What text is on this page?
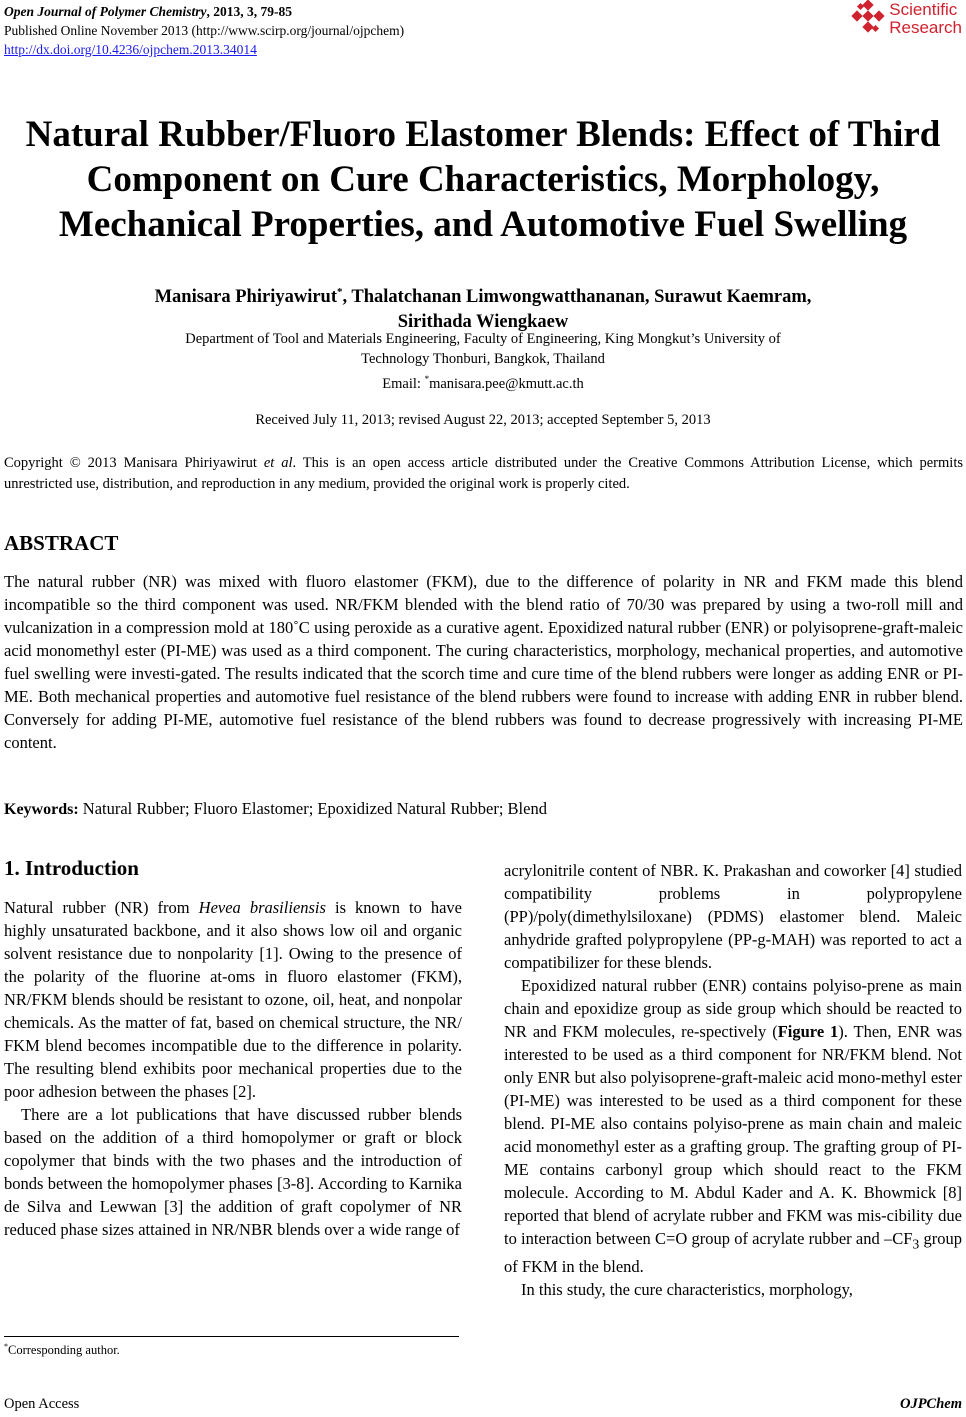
Open Journal of Polymer Chemistry, 2013, 3, 79-85
Published Online November 2013 (http://www.scirp.org/journal/ojpchem)
http://dx.doi.org/10.4236/ojpchem.2013.34014
Scientific
Research
Natural Rubber/Fluoro Elastomer Blends: Effect of Third
Component on Cure Characteristics, Morphology,
Mechanical Properties, and Automotive Fuel Swelling
Manisara Phiriyawirut*, Thalatchanan Limwongwatthananan, Surawut Kaemram,
Sirithada Wiengkaew
Department of Tool and Materials Engineering, Faculty of Engineering, King Mongkut’s University of
Technology Thonburi, Bangkok, Thailand
Email: *manisara.pee@kmutt.ac.th
Received July 11, 2013; revised August 22, 2013; accepted September 5, 2013
Copyright © 2013 Manisara Phiriyawirut et al. This is an open access article distributed under the Creative Commons Attribution License, which permits unrestricted use, distribution, and reproduction in any medium, provided the original work is properly cited.
ABSTRACT
The natural rubber (NR) was mixed with fluoro elastomer (FKM), due to the difference of polarity in NR and FKM made this blend incompatible so the third component was used. NR/FKM blended with the blend ratio of 70/30 was prepared by using a two-roll mill and vulcanization in a compression mold at 180˚C using peroxide as a curative agent. Epoxidized natural rubber (ENR) or polyisoprene-graft-maleic acid monomethyl ester (PI-ME) was used as a third component. The curing characteristics, morphology, mechanical properties, and automotive fuel swelling were investi-gated. The results indicated that the scorch time and cure time of the blend rubbers were longer as adding ENR or PI-ME. Both mechanical properties and automotive fuel resistance of the blend rubbers were found to increase with adding ENR in rubber blend. Conversely for adding PI-ME, automotive fuel resistance of the blend rubbers was found to decrease progressively with increasing PI-ME content.
Keywords: Natural Rubber; Fluoro Elastomer; Epoxidized Natural Rubber; Blend
1. Introduction

Natural rubber (NR) from Hevea brasiliensis is known to have highly unsaturated backbone, and it also shows low oil and organic solvent resistance due to nonpolarity [1]. Owing to the presence of the polarity of the fluorine at-oms in fluoro elastomer (FKM), NR/FKM blends should be resistant to ozone, oil, heat, and nonpolar chemicals. As the matter of fat, based on chemical structure, the NR/ FKM blend becomes incompatible due to the difference in polarity. The resulting blend exhibits poor mechanical properties due to the poor adhesion between the phases [2].

There are a lot publications that have discussed rubber blends based on the addition of a third homopolymer or graft or block copolymer that binds with the two phases and the introduction of bonds between the homopolymer phases [3-8]. According to Karnika de Silva and Lewwan [3] the addition of graft copolymer of NR reduced phase sizes attained in NR/NBR blends over a wide range of

acrylonitrile content of NBR. K. Prakashan and coworker [4] studied compatibility problems in polypropylene (PP)/poly(dimethylsiloxane) (PDMS) elastomer blend. Maleic anhydride grafted polypropylene (PP-g-MAH) was reported to act a compatibilizer for these blends.

Epoxidized natural rubber (ENR) contains polyiso-prene as main chain and epoxidize group as side group which should be reacted to NR and FKM molecules, re-spectively (Figure 1). Then, ENR was interested to be used as a third component for NR/FKM blend. Not only ENR but also polyisoprene-graft-maleic acid mono-methyl ester (PI-ME) was interested to be used as a third component for these blend. PI-ME also contains polyiso-prene as main chain and maleic acid monomethyl ester as a grafting group. The grafting group of PI-ME contains carbonyl group which should react to the FKM molecule. According to M. Abdul Kader and A. K. Bhowmick [8] reported that blend of acrylate rubber and FKM was mis-cibility due to interaction between C=O group of acrylate rubber and $-CF_3$ group of FKM in the blend.

In this study, the cure characteristics, morphology,

*Corresponding author.
Open Access	OJPChem
